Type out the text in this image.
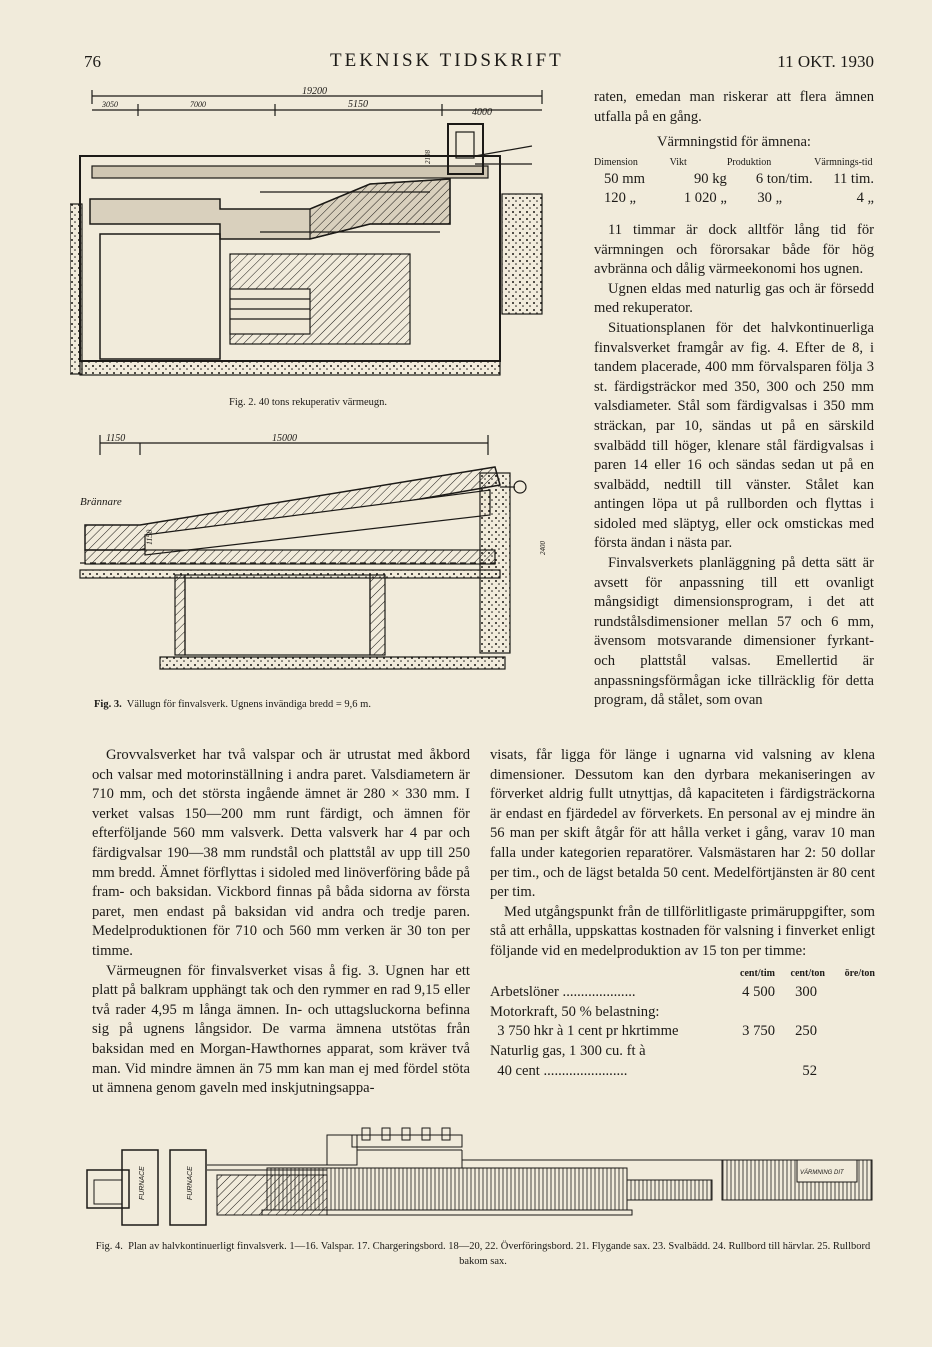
76	TEKNISK TIDSKRIFT	11 OKT. 1930
19200
3050	7000	5150
4000
2108
Fig. 2. 40 tons rekuperativ värmeugn.
1150	15000
1150
2400
Brännare
Fig. 3. Vällugn för finvalsverk. Ugnens invändiga bredd = 9,6 m.

raten, emedan man riskerar att flera ämnen utfalla på en gång.

Värmningstid för ämnena:
Dimension	Vikt	Produktion	Värmnings-tid
50 mm	90 kg	6 ton/tim.	11 tim.
120 „	1 020 „	30 „	4 „

11 timmar är dock alltför lång tid för värmningen och förorsakar både för hög avbränna och dålig värmeekonomi hos ugnen.

Ugnen eldas med naturlig gas och är försedd med rekuperator.

Situationsplanen för det halvkontinuerliga finvalsverket framgår av fig. 4. Efter de 8, i tandem placerade, 400 mm förvalsparen följa 3 st. färdigsträckor med 350, 300 och 250 mm valsdiameter. Stål som färdigvalsas i 350 mm sträckan, par 10, sändas ut på en särskild svalbädd till höger, klenare stål färdigvalsas i paren 14 eller 16 och sändas sedan ut på en svalbädd, nedtill till vänster. Stålet kan antingen löpa ut på rullborden och flyttas i sidoled med släptyg, eller ock omstickas med första ändan i nästa par.

Finvalsverkets planläggning på detta sätt är avsett för anpassning till ett ovanligt mångsidigt dimensionsprogram, i det att rundstålsdimensioner mellan 57 och 6 mm, ävensom motsvarande dimensioner fyrkant- och plattstål valsas. Emellertid är anpassningsförmågan icke tillräcklig för detta program, då stålet, som ovan

Grovvalsverket har två valspar och är utrustat med åkbord och valsar med motorinställning i andra paret. Valsdiametern är 710 mm, och det största ingående ämnet är 280 × 330 mm. I verket valsas 150—200 mm runt färdigt, och ämnen för efterföljande 560 mm valsverk. Detta valsverk har 4 par och färdigvalsar 190—38 mm rundstål och plattstål av upp till 250 mm bredd. Ämnet förflyttas i sidoled med linöverföring både på fram- och baksidan. Vickbord finnas på båda sidorna av första paret, men endast på baksidan vid andra och tredje paren. Medelproduktionen för 710 och 560 mm verken är 30 ton per timme.

Värmeugnen för finvalsverket visas å fig. 3. Ugnen har ett platt på balkram upphängt tak och den rymmer en rad 9,15 eller två rader 4,95 m långa ämnen. In- och uttagsluckorna befinna sig på ugnens långsidor. De varma ämnena utstötas från baksidan med en Morgan-Hawthornes apparat, som kräver två man. Vid mindre ämnen än 75 mm kan man ej med fördel stöta ut ämnena genom gaveln med inskjutningsappa-

visats, får ligga för länge i ugnarna vid valsning av klena dimensioner. Dessutom kan den dyrbara mekaniseringen av förverket aldrig fullt utnyttjas, då kapaciteten i färdigsträckorna är endast en fjärdedel av förverkets. En personal av ej mindre än 56 man per skift åtgår för att hålla verket i gång, varav 10 man falla under kategorien reparatörer. Valsmästaren har 2: 50 dollar per tim., och de lägst betalda 50 cent. Medelförtjänsten är 80 cent per tim.

Med utgångspunkt från de tillförlitligaste primäruppgifter, som stå att erhålla, uppskattas kostnaden för valsning i finverket enligt följande vid en medelproduktion av 15 ton per timme:

	cent/tim	cent/ton	öre/ton
Arbetslöner ....................	4 500	300	
Motorkraft, 50 % belastning:			
3 750 hkr à 1 cent pr hkrtimme	3 750	250	
Naturlig gas, 1 300 cu. ft à			
40 cent .......................		52	
FURNACE	FURNACE	VÄRMNING DIT
Fig. 4. Plan av halvkontinuerligt finvalsverk. 1—16. Valspar. 17. Chargeringsbord. 18—20, 22. Överföringsbord. 21. Flygande sax. 23. Svalbädd. 24. Rullbord till härvlar. 25. Rullbord bakom sax.
